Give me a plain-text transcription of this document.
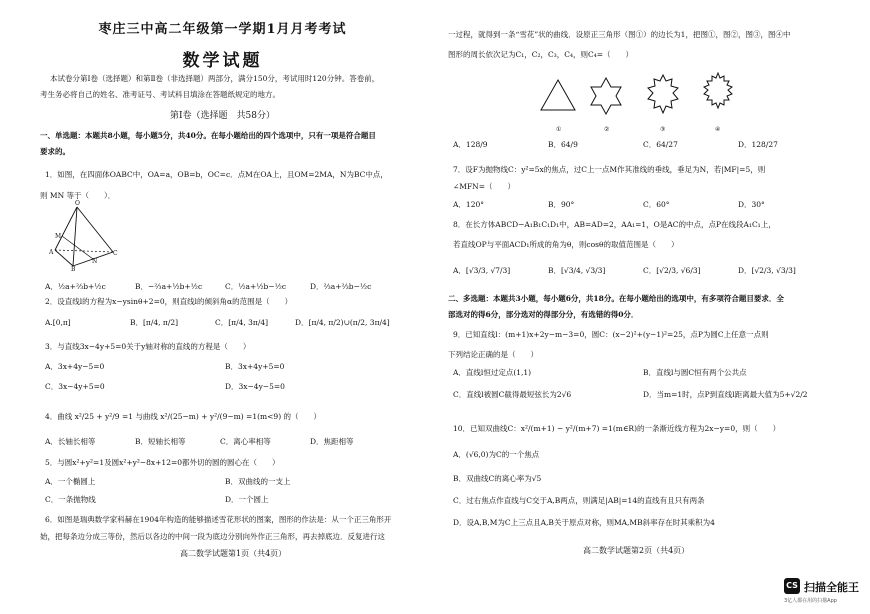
枣庄三中高二年级第一学期1月月考考试
数学试题
本试卷分第Ⅰ卷（选择题）和第Ⅱ卷（非选择题）两部分，满分150分，考试用时120分钟。答卷前，
考生务必将自己的姓名、准考证号、考试科目填涂在答题纸规定的地方。
第Ⅰ卷（选择题　共58分）
一、单选题：本题共8小题，每小题5分，共40分。在每小题给出的四个选项中，只有一项是符合题目
要求的。
1．如图，在四面体OABC中，OA=a，OB=b，OC=c．点M在OA上，且OM=2MA，N为BC中点，
则 MN 等于（　　）．
O
M
A
N
B
C
A．½a+⅔b+½c	B．−⅔a+½b+½c	C．½a+½b−½c	D．⅔a+⅔b−½c
2．设直线l的方程为x−ysinθ+2=0，则直线l的倾斜角α的范围是（　　）
A.[0,π]	B．[π/4, π/2]	C．[π/4, 3π/4]	D．[π/4, π/2)∪(π/2, 3π/4]
3．与直线3x−4y+5=0关于y轴对称的直线的方程是（　　）
A．3x+4y−5=0	B．3x+4y+5=0
C．3x−4y+5=0	D．3x−4y−5=0
4．曲线 x²/25 + y²/9 =1 与曲线 x²/(25−m) + y²/(9−m) =1(m<9) 的（　　）
A．长轴长相等	B．短轴长相等	C．离心率相等	D．焦距相等
5．与圆x²+y²=1及圆x²+y²−8x+12=0都外切的圆的圆心在（　　）
A．一个椭圆上	B．双曲线的一支上
C．一条抛物线	D．一个圆上
6．如图是瑞典数学家科赫在1904年构造的能够描述雪花形状的图案，图形的作法是：从一个正三角形开
始，把每条边分成三等份，然后以各边的中间一段为底边分别向外作正三角形，再去掉底边．反复进行这
高二数学试题第1页（共4页）
一过程，就得到一条“雪花”状的曲线．设原正三角形（图①）的边长为1，把图①，图②，图③，图④中
图形的周长依次记为C₁，C₂，C₃，C₄，则C₄=（　　）
①	②	③	④
A．128/9	B．64/9	C．64/27	D．128/27
7．设F为抛物线C：y²=5x的焦点，过C上一点M作其准线的垂线，垂足为N，若|MF|=5，则
∠MFN=（　　）
A．120°	B．90°	C．60°	D．30°
8．在长方体ABCD−A₁B₁C₁D₁中，AB=AD=2，AA₁=1，O是AC的中点，点P在线段A₁C₁上，
若直线OP与平面ACD₁所成的角为θ，则cosθ的取值范围是（　　）
A．[√3/3, √7/3]	B．[√3/4, √3/3]	C．[√2/3, √6/3]	D．[√2/3, √3/3]
二、多选题：本题共3小题，每小题6分，共18分。在每小题给出的选项中，有多项符合题目要求．全
部选对的得6分，部分选对的得部分分，有选错的得0分．
9．已知直线l：(m+1)x+2y−m−3=0，圆C：(x−2)²+(y−1)²=25，点P为圆C上任意一点则
下列结论正确的是（　　）
A．直线l恒过定点(1,1)	B．直线l与圆C恒有两个公共点
C．直线l被圆C截得最短弦长为2√6	D．当m=1时，点P到直线l距离最大值为5+√2/2
10．已知双曲线C：x²/(m+1) − y²/(m+7) =1(m∈R)的一条渐近线方程为2x−y=0，则（　　）
A．(√6,0)为C的一个焦点
B．双曲线C的离心率为√5
C．过右焦点作直线与C交于A,B两点，则满足|AB|=14的直线有且只有两条
D．设A,B,M为C上三点且A,B关于原点对称，则MA,MB斜率存在时其乘积为4
高二数学试题第2页（共4页）
CS 扫描全能王
3亿人都在用的扫描App
